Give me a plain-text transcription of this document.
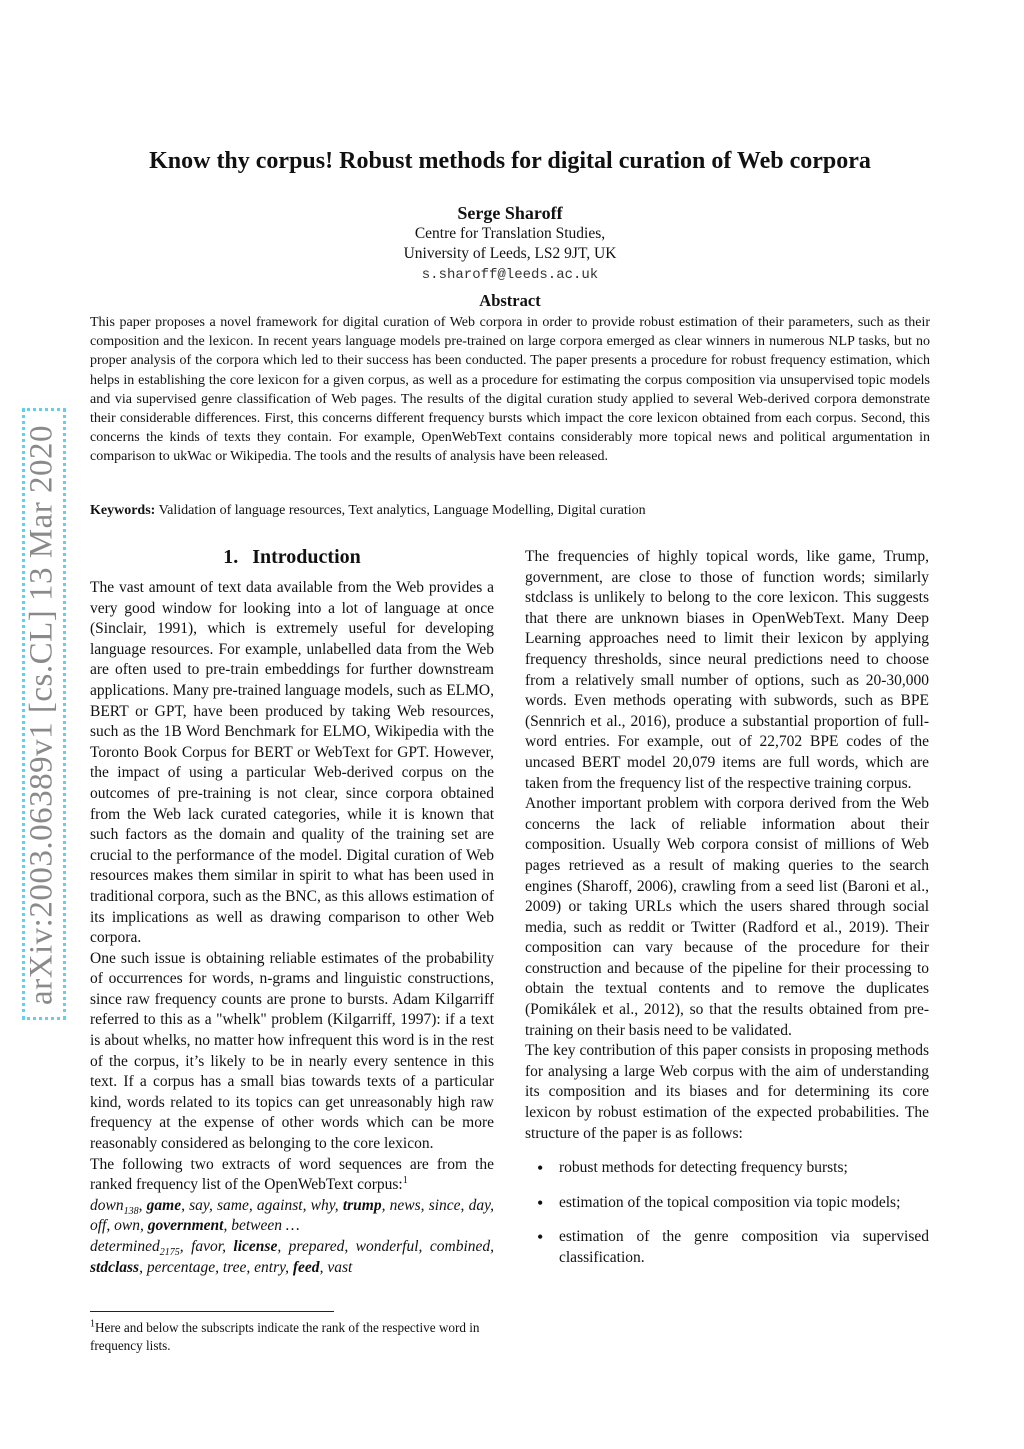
arXiv:2003.06389v1 [cs.CL] 13 Mar 2020
Know thy corpus! Robust methods for digital curation of Web corpora
Serge Sharoff
Centre for Translation Studies,
University of Leeds, LS2 9JT, UK
s.sharoff@leeds.ac.uk
Abstract
This paper proposes a novel framework for digital curation of Web corpora in order to provide robust estimation of their parameters, such as their composition and the lexicon. In recent years language models pre-trained on large corpora emerged as clear winners in numerous NLP tasks, but no proper analysis of the corpora which led to their success has been conducted. The paper presents a procedure for robust frequency estimation, which helps in establishing the core lexicon for a given corpus, as well as a procedure for estimating the corpus composition via unsupervised topic models and via supervised genre classification of Web pages. The results of the digital curation study applied to several Web-derived corpora demonstrate their considerable differences. First, this concerns different frequency bursts which impact the core lexicon obtained from each corpus. Second, this concerns the kinds of texts they contain. For example, OpenWebText contains considerably more topical news and political argumentation in comparison to ukWac or Wikipedia. The tools and the results of analysis have been released.
Keywords: Validation of language resources, Text analytics, Language Modelling, Digital curation
1. Introduction

The vast amount of text data available from the Web provides a very good window for looking into a lot of language at once (Sinclair, 1991), which is extremely useful for developing language resources. For example, unlabelled data from the Web are often used to pre-train embeddings for further downstream applications. Many pre-trained language models, such as ELMO, BERT or GPT, have been produced by taking Web resources, such as the 1B Word Benchmark for ELMO, Wikipedia with the Toronto Book Corpus for BERT or WebText for GPT. However, the impact of using a particular Web-derived corpus on the outcomes of pre-training is not clear, since corpora obtained from the Web lack curated categories, while it is known that such factors as the domain and quality of the training set are crucial to the performance of the model. Digital curation of Web resources makes them similar in spirit to what has been used in traditional corpora, such as the BNC, as this allows estimation of its implications as well as drawing comparison to other Web corpora.

One such issue is obtaining reliable estimates of the probability of occurrences for words, n-grams and linguistic constructions, since raw frequency counts are prone to bursts. Adam Kilgarriff referred to this as a "whelk" problem (Kilgarriff, 1997): if a text is about whelks, no matter how infrequent this word is in the rest of the corpus, it’s likely to be in nearly every sentence in this text. If a corpus has a small bias towards texts of a particular kind, words related to its topics can get unreasonably high raw frequency at the expense of other words which can be more reasonably considered as belonging to the core lexicon.

The following two extracts of word sequences are from the ranked frequency list of the OpenWebText corpus:$^1$

down$_{138}$, game, say, same, against, why, trump, news, since, day, off, own, government, between …

determined$_{2175}$, favor, license, prepared, wonderful, combined, stdclass, percentage, tree, entry, feed, vast

The frequencies of highly topical words, like game, Trump, government, are close to those of function words; similarly stdclass is unlikely to belong to the core lexicon. This suggests that there are unknown biases in OpenWebText. Many Deep Learning approaches need to limit their lexicon by applying frequency thresholds, since neural predictions need to choose from a relatively small number of options, such as 20-30,000 words. Even methods operating with subwords, such as BPE (Sennrich et al., 2016), produce a substantial proportion of full-word entries. For example, out of 22,702 BPE codes of the uncased BERT model 20,079 items are full words, which are taken from the frequency list of the respective training corpus.

Another important problem with corpora derived from the Web concerns the lack of reliable information about their composition. Usually Web corpora consist of millions of Web pages retrieved as a result of making queries to the search engines (Sharoff, 2006), crawling from a seed list (Baroni et al., 2009) or taking URLs which the users shared through social media, such as reddit or Twitter (Radford et al., 2019). Their composition can vary because of the procedure for their construction and because of the pipeline for their processing to obtain the textual contents and to remove the duplicates (Pomikálek et al., 2012), so that the results obtained from pre-training on their basis need to be validated.

The key contribution of this paper consists in proposing methods for analysing a large Web corpus with the aim of understanding its composition and its biases and for determining its core lexicon by robust estimation of the expected probabilities. The structure of the paper is as follows:

• robust methods for detecting frequency bursts;
• estimation of the topical composition via topic models;
• estimation of the genre composition via supervised classification.
$^1$Here and below the subscripts indicate the rank of the respective word in frequency lists.
